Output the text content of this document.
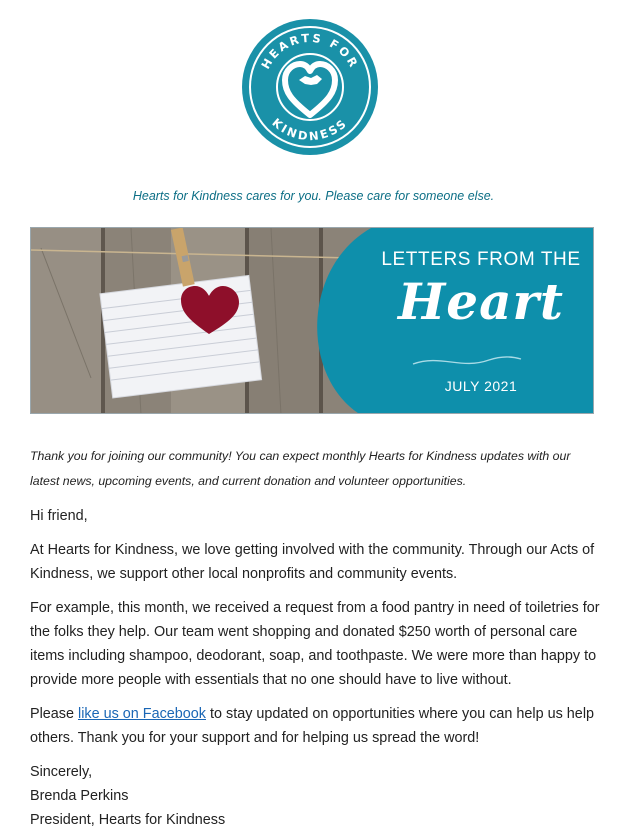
HEARTS FOR
KINDNESS
Hearts for Kindness cares for you. Please care for someone else.
LETTERS FROM THE
Heart
JULY 2021
Thank you for joining our community! You can expect monthly Hearts for Kindness updates with our latest news, upcoming events, and current donation and volunteer opportunities.
Hi friend,
At Hearts for Kindness, we love getting involved with the community. Through our Acts of Kindness, we support other local nonprofits and community events.
For example, this month, we received a request from a food pantry in need of toiletries for the folks they help. Our team went shopping and donated $250 worth of personal care items including shampoo, deodorant, soap, and toothpaste. We were more than happy to provide more people with essentials that no one should have to live without.
Please like us on Facebook to stay updated on opportunities where you can help us help others. Thank you for your support and for helping us spread the word!
Sincerely,
Brenda Perkins
President, Hearts for Kindness
